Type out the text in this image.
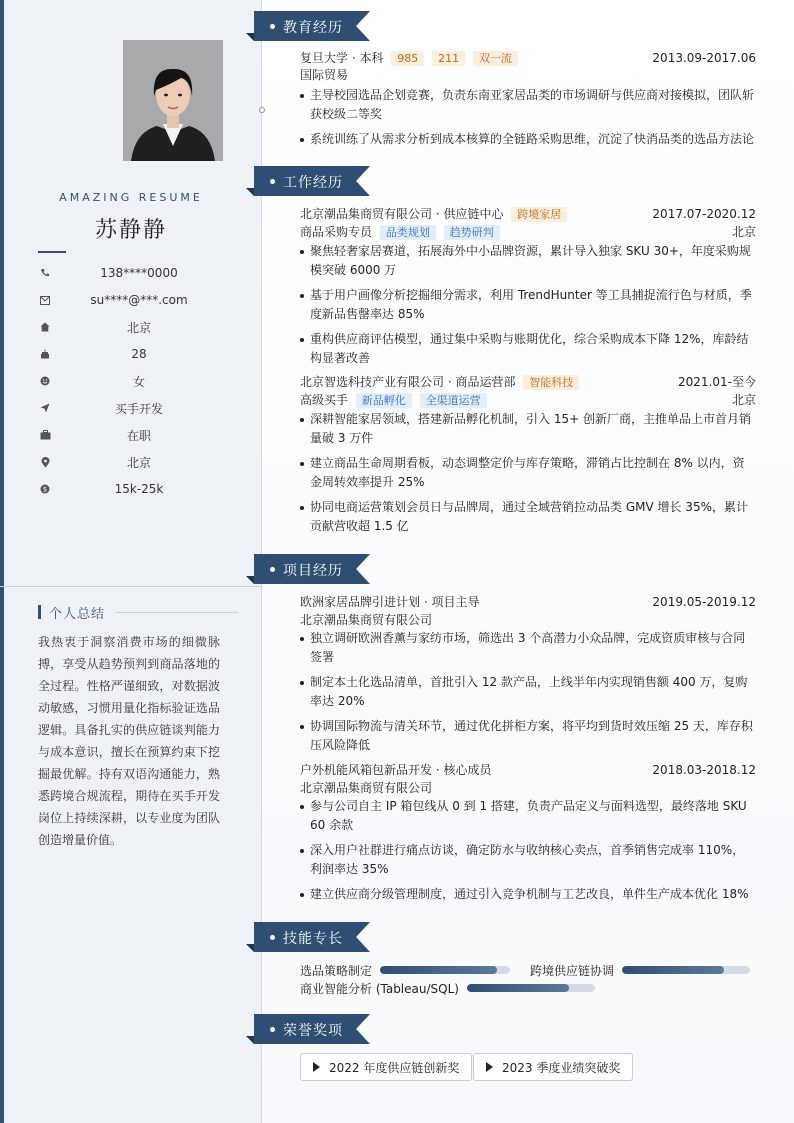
AMAZING RESUME
苏静静
138****0000
su****@***.com
北京
28
女
买手开发
在职
北京
$	15k-25k
个人总结
我热衷于洞察消费市场的细微脉搏，享受从趋势预判到商品落地的全过程。性格严谨细致，对数据波动敏感，习惯用量化指标验证选品逻辑。具备扎实的供应链谈判能力与成本意识，擅长在预算约束下挖掘最优解。持有双语沟通能力，熟悉跨境合规流程，期待在买手开发岗位上持续深耕，以专业度为团队创造增量价值。
教育经历
复旦大学 · 本科 985 211 双一流	2013.09-2017.06
国际贸易
主导校园选品企划竞赛，负责东南亚家居品类的市场调研与供应商对接模拟，团队斩获校级二等奖
系统训练了从需求分析到成本核算的全链路采购思维，沉淀了快消品类的选品方法论
工作经历
北京潮品集商贸有限公司 · 供应链中心 跨境家居	2017.07-2020.12
商品采购专员 品类规划 趋势研判	北京
聚焦轻奢家居赛道，拓展海外中小品牌资源，累计导入独家 SKU 30+，年度采购规模突破 6000 万
基于用户画像分析挖掘细分需求，利用 TrendHunter 等工具捕捉流行色与材质，季度新品售罄率达 85%
重构供应商评估模型，通过集中采购与账期优化，综合采购成本下降 12%，库龄结构显著改善
北京智选科技产业有限公司 · 商品运营部 智能科技	2021.01-至今
高级买手 新品孵化 全渠道运营	北京
深耕智能家居领域，搭建新品孵化机制，引入 15+ 创新厂商，主推单品上市首月销量破 3 万件
建立商品生命周期看板，动态调整定价与库存策略，滞销占比控制在 8% 以内，资金周转效率提升 25%
协同电商运营策划会员日与品牌周，通过全域营销拉动品类 GMV 增长 35%，累计贡献营收超 1.5 亿
项目经历
欧洲家居品牌引进计划 · 项目主导	2019.05-2019.12
北京潮品集商贸有限公司
独立调研欧洲香薰与家纺市场，筛选出 3 个高潜力小众品牌，完成资质审核与合同签署
制定本土化选品清单，首批引入 12 款产品，上线半年内实现销售额 400 万，复购率达 20%
协调国际物流与清关环节，通过优化拼柜方案，将平均到货时效压缩 25 天，库存积压风险降低
户外机能风箱包新品开发 · 核心成员	2018.03-2018.12
北京潮品集商贸有限公司
参与公司自主 IP 箱包线从 0 到 1 搭建，负责产品定义与面料选型，最终落地 SKU 60 余款
深入用户社群进行痛点访谈，确定防水与收纳核心卖点，首季销售完成率 110%，利润率达 35%
建立供应商分级管理制度，通过引入竞争机制与工艺改良，单件生产成本优化 18%
技能专长
选品策略制定	跨境供应链协调
商业智能分析 (Tableau/SQL)
荣誉奖项
2022 年度供应链创新奖	2023 季度业绩突破奖
